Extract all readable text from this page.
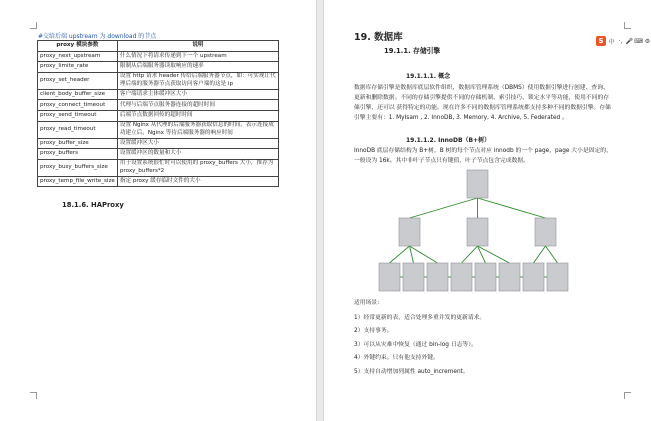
#交给后端 upstream 为 download 的节点
proxy 模块参数	说明
proxy_next_upstream	什么情况下将请求传递到下一个 upstream
proxy_limite_rate	限制从后端服务器读取响应的速率
proxy_set_header	设置 http 请求 header 传给后端服务器节点，如：可实现让代理后端的服务器节点获取访问客户端的这是 ip
client_body_buffer_size	客户端请求主体缓冲区大小
proxy_connect_timeout	代理与后端节点服务器连接的超时时间
proxy_send_timeout	后端节点数据回传的超时时间
proxy_read_timeout	设置 Nginx 从代理的后端服务器获取信息的时间，表示连接成功建立后，Nginx 等待后端服务器的响应时间
proxy_buffer_size	设置缓冲区大小
proxy_buffers	设置缓冲区的数量和大小
proxy_busy_buffers_size	用于设置系统很忙时可以使用的 proxy_buffers 大小，推荐为 proxy_buffers*2
proxy_temp_file_write_size	指定 proxy 缓存临时文件的大小
18.1.6. HAProxy
19. 数据库	S 中 ·, 🎤 ⌨ ⚙
19.1.1. 存储引擎
19.1.1.1. 概念
数据库存储引擎是数据库底层软件组织，数据库管理系统（DBMS）使用数据引擎进行创建、查询、更新和删除数据。不同的存储引擎提供不同的存储机制、索引技巧、锁定水平等功能，使用不同的存储引擎，还可以 获得特定的功能。现在许多不同的数据库管理系统都支持多种不同的数据引擎。存储引擎主要有：1. MyIsam , 2. InnoDB, 3. Memory, 4. Archive, 5. Federated 。
19.1.1.2. InnoDB（B+树）
InnoDB 底层存储结构为 B+树，B 树的每个节点对应 innodb 的一个 page，page 大小是固定的，一般设为 16k。其中非叶子节点只有键值，叶子节点包含完成数据。
适用场景：
1）经常更新的表，适合处理多重并发的更新请求。
2）支持事务。
3）可以从灾难中恢复（通过 bin-log 日志等）。
4）外键约束。只有他支持外键。
5）支持自动增加列属性 auto_increment。
